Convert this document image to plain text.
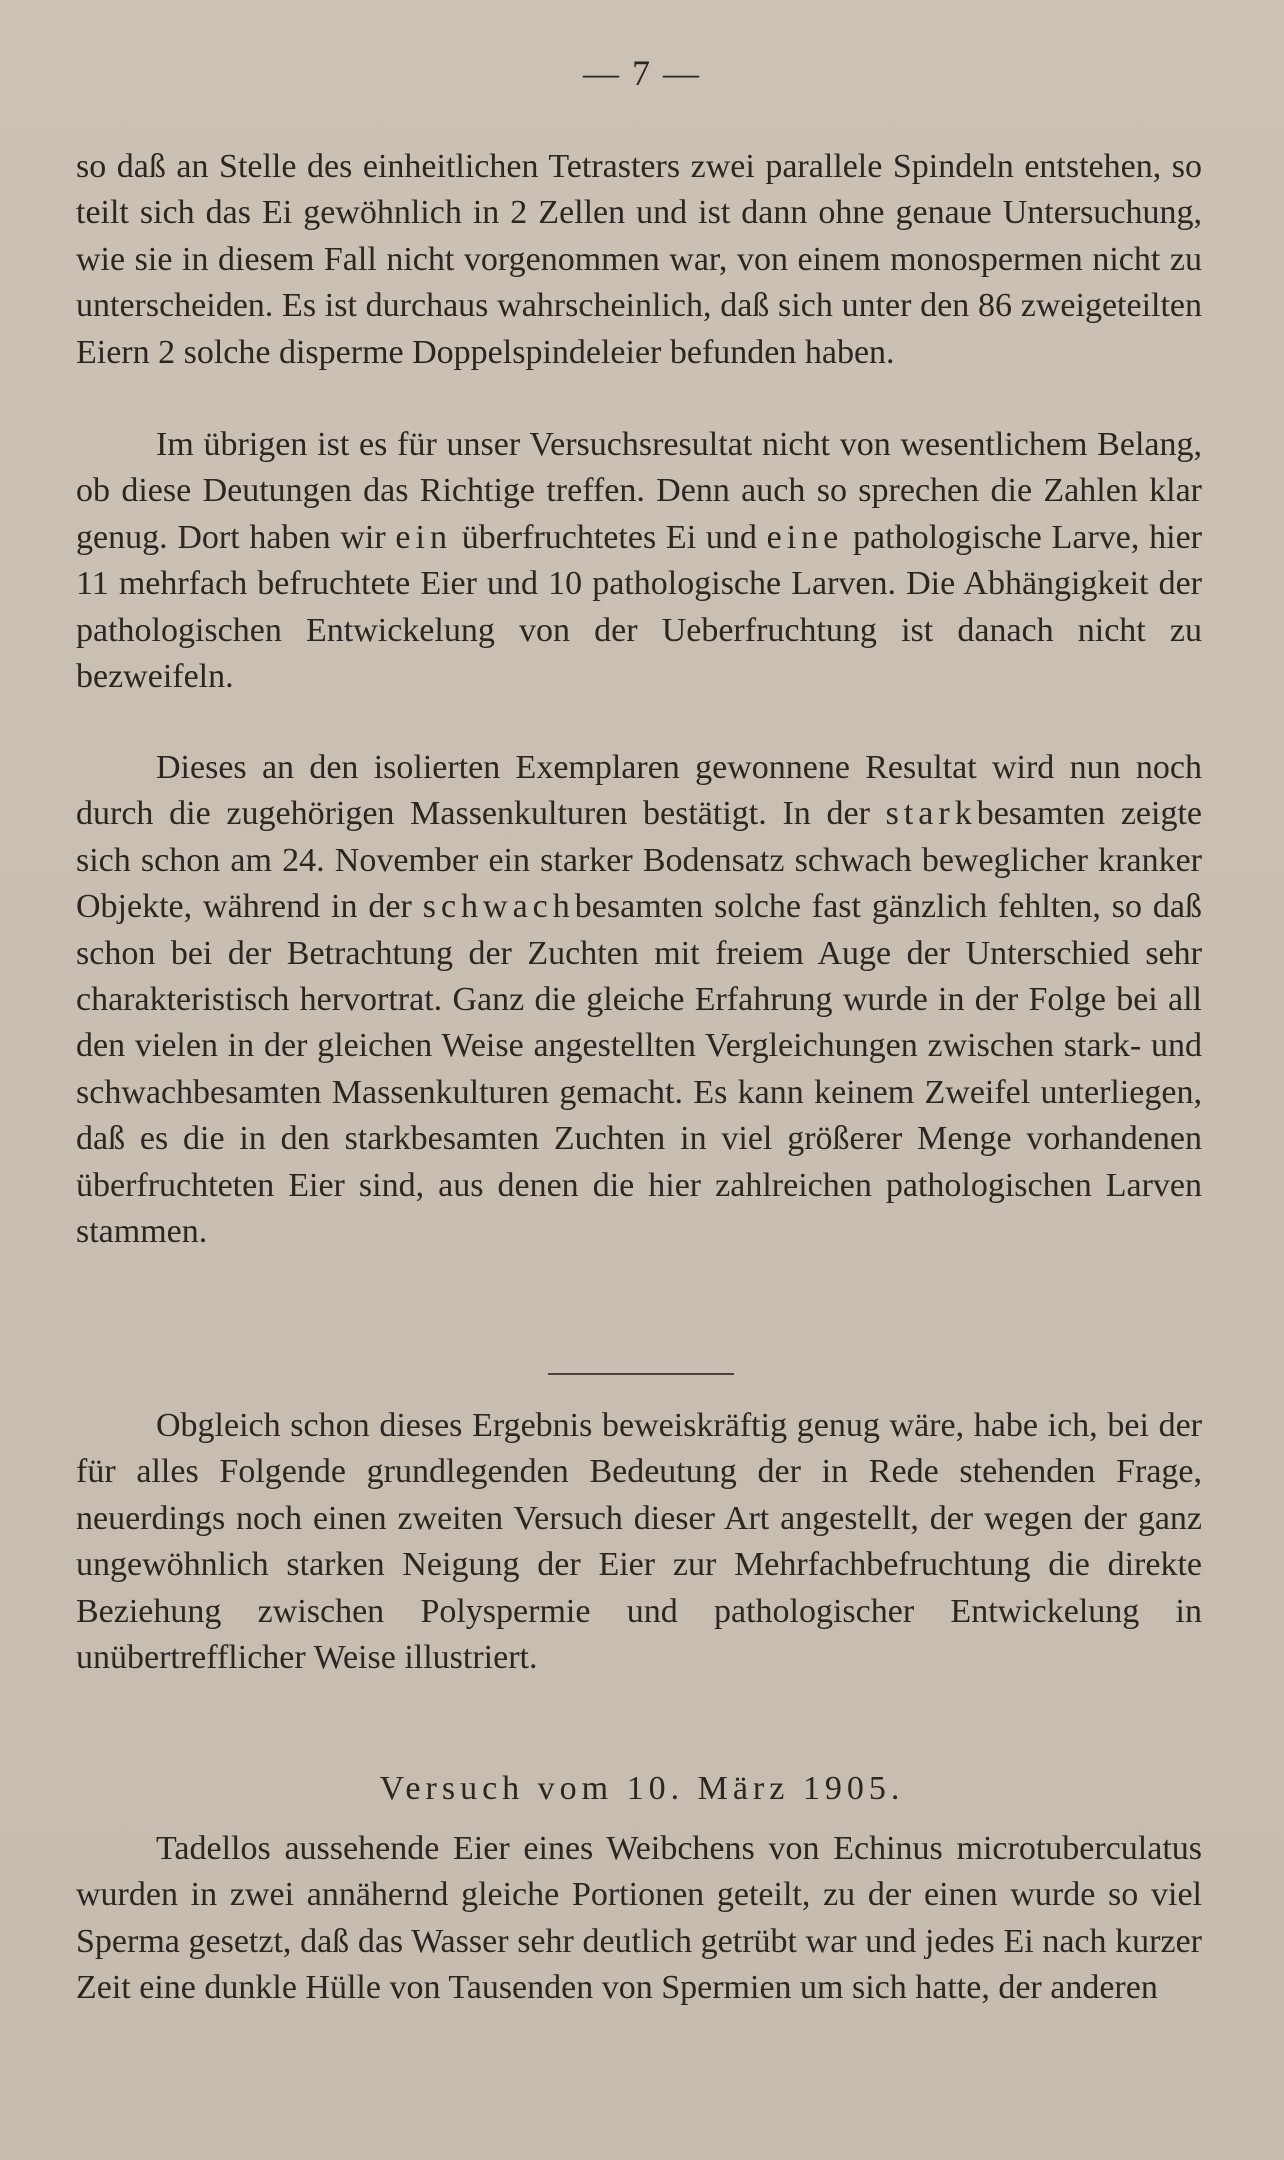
— 7 —

so daß an Stelle des einheitlichen Tetrasters zwei parallele Spindeln entstehen, so teilt sich das Ei gewöhnlich in 2 Zellen und ist dann ohne genaue Untersuchung, wie sie in diesem Fall nicht vorgenommen war, von einem monospermen nicht zu unterscheiden. Es ist durchaus wahrscheinlich, daß sich unter den 86 zweigeteilten Eiern 2 solche disperme Doppelspindeleier befunden haben.

Im übrigen ist es für unser Versuchsresultat nicht von wesentlichem Belang, ob diese Deutungen das Richtige treffen. Denn auch so sprechen die Zahlen klar genug. Dort haben wir ein überfruchtetes Ei und eine pathologische Larve, hier 11 mehrfach befruchtete Eier und 10 pathologische Larven. Die Abhängigkeit der pathologischen Entwickelung von der Ueberfruchtung ist danach nicht zu bezweifeln.

Dieses an den isolierten Exemplaren gewonnene Resultat wird nun noch durch die zugehörigen Massenkulturen bestätigt. In der starkbesamten zeigte sich schon am 24. November ein starker Bodensatz schwach beweglicher kranker Objekte, während in der schwachbesamten solche fast gänzlich fehlten, so daß schon bei der Betrachtung der Zuchten mit freiem Auge der Unterschied sehr charakteristisch hervortrat. Ganz die gleiche Erfahrung wurde in der Folge bei all den vielen in der gleichen Weise angestellten Vergleichungen zwischen stark- und schwachbesamten Massenkulturen gemacht. Es kann keinem Zweifel unterliegen, daß es die in den starkbesamten Zuchten in viel größerer Menge vorhandenen überfruchteten Eier sind, aus denen die hier zahlreichen pathologischen Larven stammen.

Obgleich schon dieses Ergebnis beweiskräftig genug wäre, habe ich, bei der für alles Folgende grundlegenden Bedeutung der in Rede stehenden Frage, neuerdings noch einen zweiten Versuch dieser Art angestellt, der wegen der ganz ungewöhnlich starken Neigung der Eier zur Mehrfachbefruchtung die direkte Beziehung zwischen Polyspermie und pathologischer Entwickelung in unübertrefflicher Weise illustriert.

Versuch vom 10. März 1905.

Tadellos aussehende Eier eines Weibchens von Echinus microtuberculatus wurden in zwei annähernd gleiche Portionen geteilt, zu der einen wurde so viel Sperma gesetzt, daß das Wasser sehr deutlich getrübt war und jedes Ei nach kurzer Zeit eine dunkle Hülle von Tausenden von Spermien um sich hatte, der anderen
